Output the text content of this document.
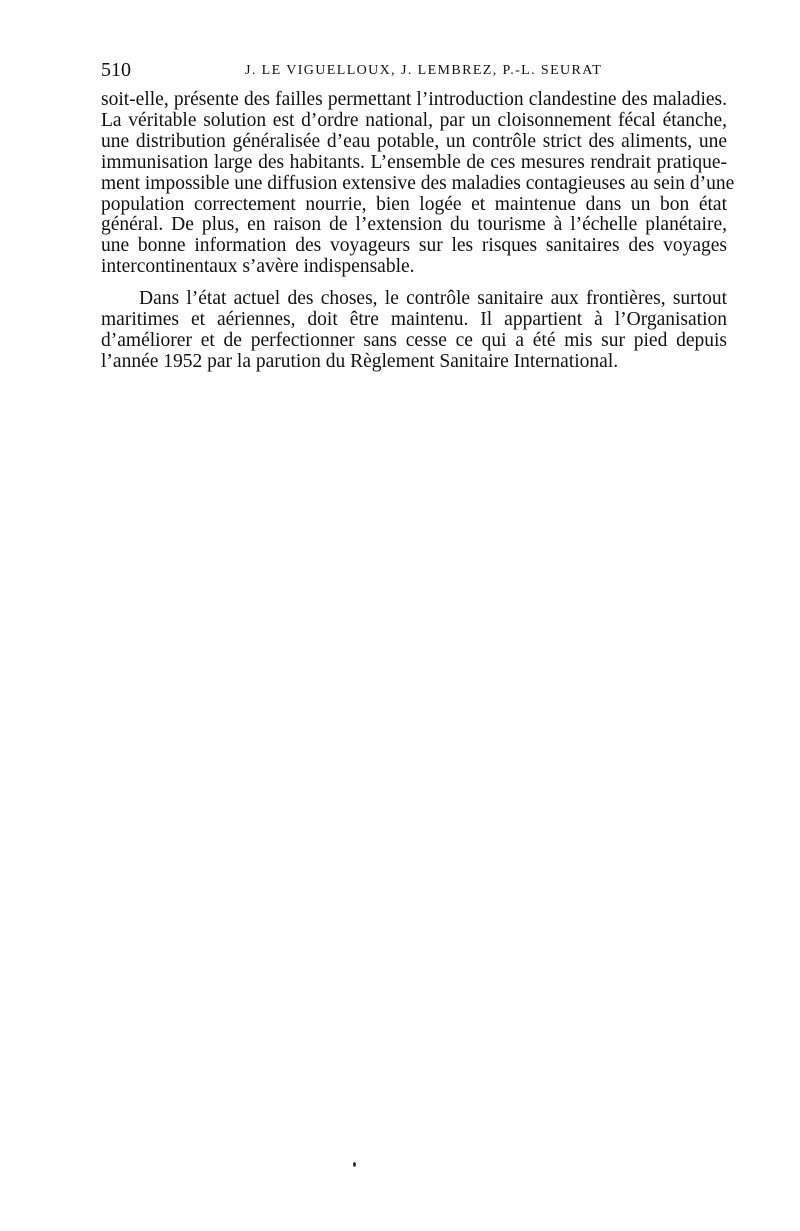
510	J. LE VIGUELLOUX, J. LEMBREZ, P.-L. SEURAT

soit-elle, présente des failles permettant l’introduction clandestine des maladies.
La véritable solution est d’ordre national, par un cloisonnement fécal étanche,
une distribution généralisée d’eau potable, un contrôle strict des aliments, une
immunisation large des habitants. L’ensemble de ces mesures rendrait pratique-
ment impossible une diffusion extensive des maladies contagieuses au sein d’une
population correctement nourrie, bien logée et maintenue dans un bon état
général. De plus, en raison de l’extension du tourisme à l’échelle planétaire,
une bonne information des voyageurs sur les risques sanitaires des voyages
intercontinentaux s’avère indispensable.

Dans l’état actuel des choses, le contrôle sanitaire aux frontières, surtout
maritimes et aériennes, doit être maintenu. Il appartient à l’Organisation
d’améliorer et de perfectionner sans cesse ce qui a été mis sur pied depuis
l’année 1952 par la parution du Règlement Sanitaire International.
